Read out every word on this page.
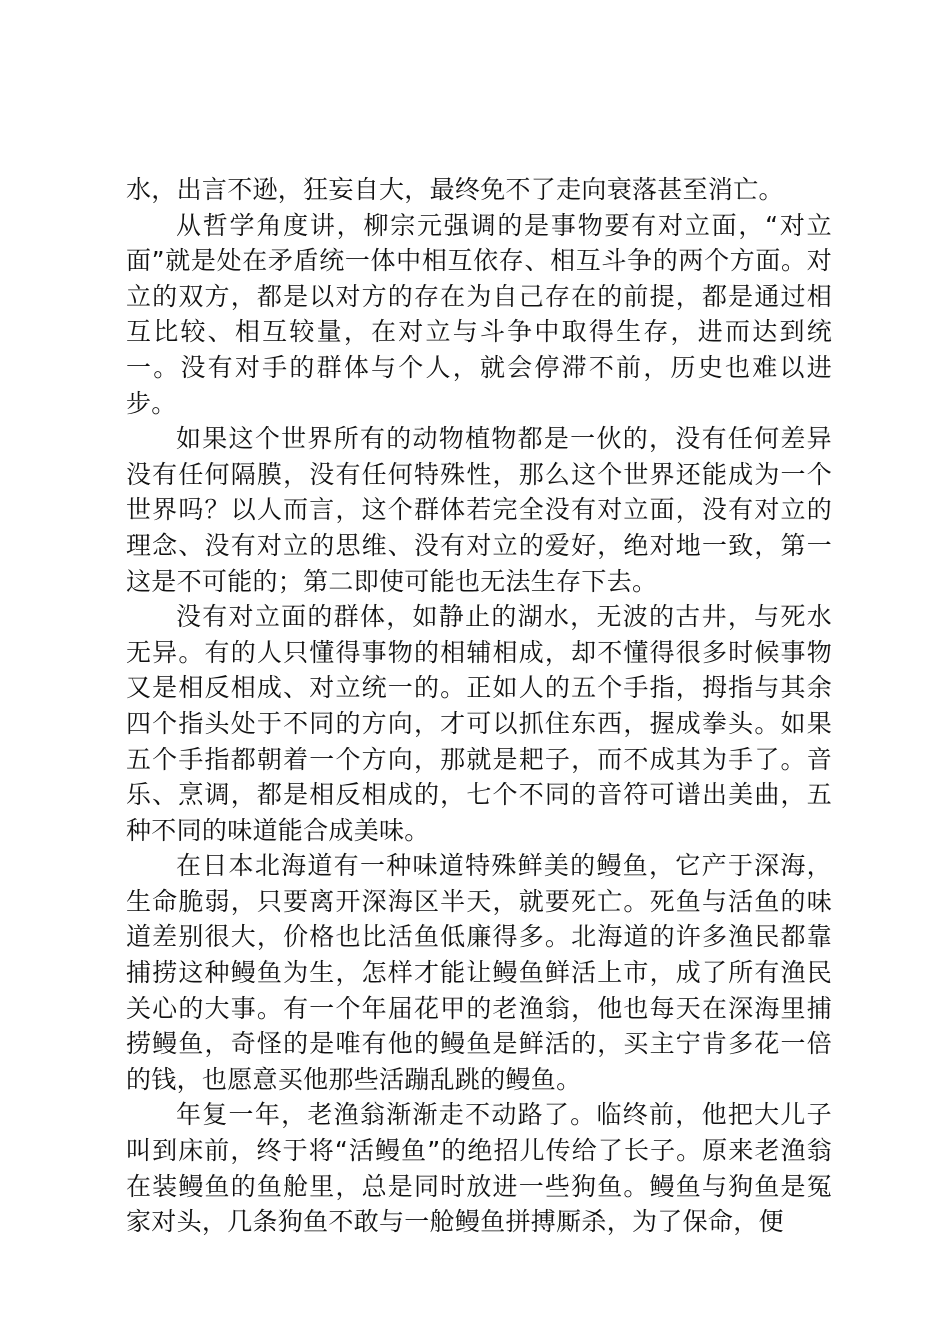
水，出言不逊，狂妄自大，最终免不了走向衰落甚至消亡。

从哲学角度讲，柳宗元强调的是事物要有对立面，“对立面”就是处在矛盾统一体中相互依存、相互斗争的两个方面。对立的双方，都是以对方的存在为自己存在的前提，都是通过相互比较、相互较量，在对立与斗争中取得生存，进而达到统一。没有对手的群体与个人，就会停滞不前，历史也难以进步。

如果这个世界所有的动物植物都是一伙的，没有任何差异没有任何隔膜，没有任何特殊性，那么这个世界还能成为一个世界吗？以人而言，这个群体若完全没有对立面，没有对立的理念、没有对立的思维、没有对立的爱好，绝对地一致，第一这是不可能的；第二即使可能也无法生存下去。

没有对立面的群体，如静止的湖水，无波的古井，与死水无异。有的人只懂得事物的相辅相成，却不懂得很多时候事物又是相反相成、对立统一的。正如人的五个手指，拇指与其余四个指头处于不同的方向，才可以抓住东西，握成拳头。如果五个手指都朝着一个方向，那就是耙子，而不成其为手了。音乐、烹调，都是相反相成的，七个不同的音符可谱出美曲，五种不同的味道能合成美味。

在日本北海道有一种味道特殊鲜美的鳗鱼，它产于深海，生命脆弱，只要离开深海区半天，就要死亡。死鱼与活鱼的味道差别很大，价格也比活鱼低廉得多。北海道的许多渔民都靠捕捞这种鳗鱼为生，怎样才能让鳗鱼鲜活上市，成了所有渔民关心的大事。有一个年届花甲的老渔翁，他也每天在深海里捕捞鳗鱼，奇怪的是唯有他的鳗鱼是鲜活的，买主宁肯多花一倍的钱，也愿意买他那些活蹦乱跳的鳗鱼。

年复一年，老渔翁渐渐走不动路了。临终前，他把大儿子叫到床前，终于将“活鳗鱼”的绝招儿传给了长子。原来老渔翁在装鳗鱼的鱼舱里，总是同时放进一些狗鱼。鳗鱼与狗鱼是冤家对头，几条狗鱼不敢与一舱鳗鱼拼搏厮杀，为了保命，便
